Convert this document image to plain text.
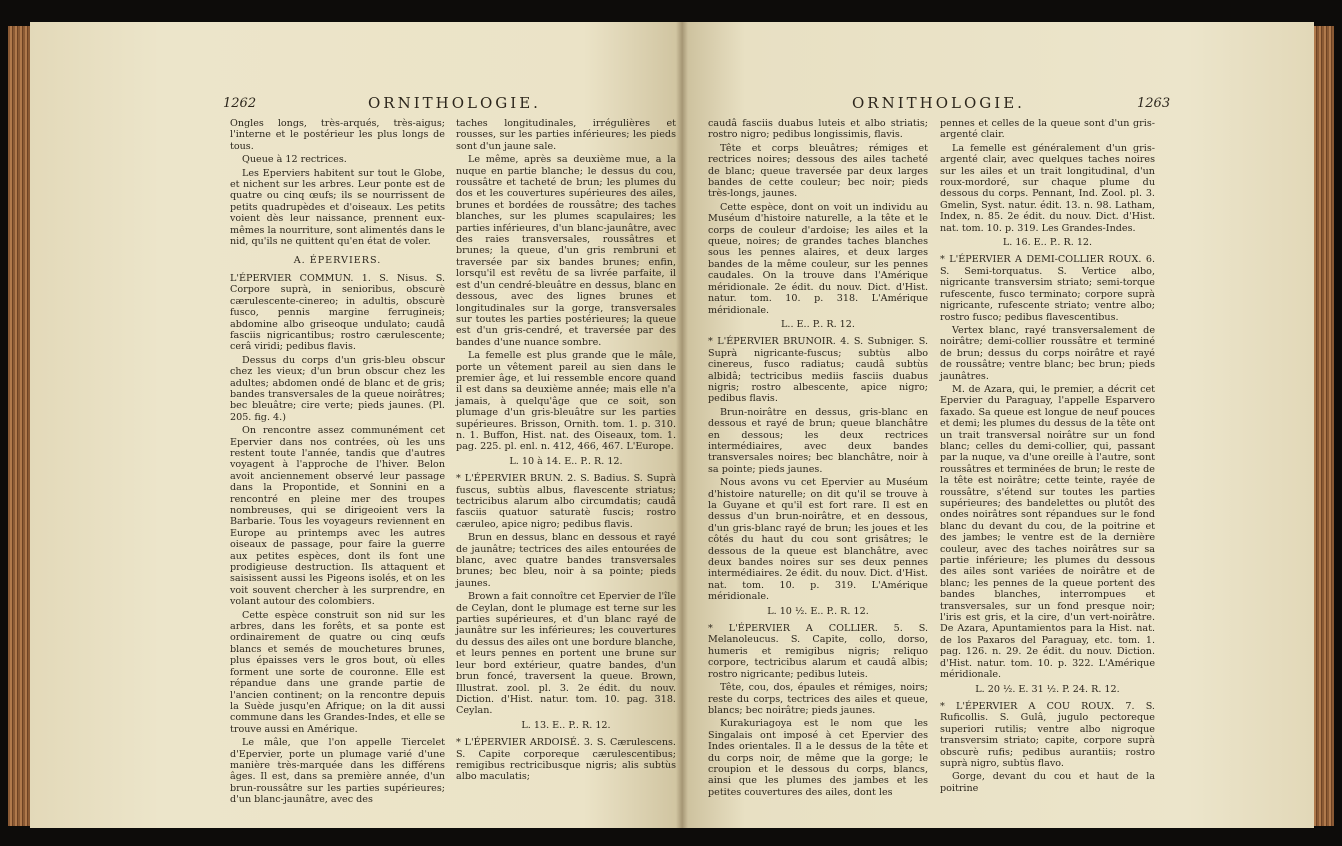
1262	ORNITHOLOGIE.

Ongles longs, très-arqués, très-aigus; l'interne et le postérieur les plus longs de tous.

Queue à 12 rectrices.

Les Eperviers habitent sur tout le Globe, et nichent sur les arbres. Leur ponte est de quatre ou cinq œufs; ils se nourrissent de petits quadrupèdes et d'oiseaux. Les petits voient dès leur naissance, prennent eux-mêmes la nourriture, sont alimentés dans le nid, qu'ils ne quittent qu'en état de voler.

A. ÉPERVIERS.

L'ÉPERVIER COMMUN. 1. S. Nisus. S. Corpore suprà, in senioribus, obscurè cærulescente-cinereo; in adultis, obscurè fusco, pennis margine ferrugineis; abdomine albo griseoque undulato; caudâ fasciis nigricantibus; rostro cærulescente; cerâ viridi; pedibus flavis.

Dessus du corps d'un gris-bleu obscur chez les vieux; d'un brun obscur chez les adultes; abdomen ondé de blanc et de gris; bandes transversales de la queue noirâtres; bec bleuâtre; cire verte; pieds jaunes. (Pl. 205. fig. 4.)

On rencontre assez communément cet Epervier dans nos contrées, où les uns restent toute l'année, tandis que d'autres voyagent à l'approche de l'hiver. Belon avoit anciennement observé leur passage dans la Propontide, et Sonnini en a rencontré en pleine mer des troupes nombreuses, qui se dirigeoient vers la Barbarie. Tous les voyageurs reviennent en Europe au printemps avec les autres oiseaux de passage, pour faire la guerre aux petites espèces, dont ils font une prodigieuse destruction. Ils attaquent et saisissent aussi les Pigeons isolés, et on les voit souvent chercher à les surprendre, en volant autour des colombiers.

Cette espèce construit son nid sur les arbres, dans les forêts, et sa ponte est ordinairement de quatre ou cinq œufs blancs et semés de mouchetures brunes, plus épaisses vers le gros bout, où elles forment une sorte de couronne. Elle est répandue dans une grande partie de l'ancien continent; on la rencontre depuis la Suède jusqu'en Afrique; on la dit aussi commune dans les Grandes-Indes, et elle se trouve aussi en Amérique.

Le mâle, que l'on appelle Tiercelet d'Epervier, porte un plumage varié d'une manière très-marquée dans les différens âges. Il est, dans sa première année, d'un brun-roussâtre sur les parties supérieures; d'un blanc-jaunâtre, avec des

taches longitudinales, irrégulières et rousses, sur les parties inférieures; les pieds sont d'un jaune sale.

Le même, après sa deuxième mue, a la nuque en partie blanche; le dessus du cou, roussâtre et tacheté de brun; les plumes du dos et les couvertures supérieures des ailes, brunes et bordées de roussâtre; des taches blanches, sur les plumes scapulaires; les parties inférieures, d'un blanc-jaunâtre, avec des raies transversales, roussâtres et brunes; la queue, d'un gris rembruni et traversée par six bandes brunes; enfin, lorsqu'il est revêtu de sa livrée parfaite, il est d'un cendré-bleuâtre en dessus, blanc en dessous, avec des lignes brunes et longitudinales sur la gorge, transversales sur toutes les parties postérieures; la queue est d'un gris-cendré, et traversée par des bandes d'une nuance sombre.

La femelle est plus grande que le mâle, porte un vêtement pareil au sien dans le premier âge, et lui ressemble encore quand il est dans sa deuxième année; mais elle n'a jamais, à quelqu'âge que ce soit, son plumage d'un gris-bleuâtre sur les parties supérieures. Brisson, Ornith. tom. 1. p. 310. n. 1. Buffon, Hist. nat. des Oiseaux, tom. 1. pag. 225. pl. enl. n. 412, 466, 467. L'Europe.

L. 10 à 14. E.. P.. R. 12.

* L'ÉPERVIER BRUN. 2. S. Badius. S. Suprà fuscus, subtùs albus, flavescente striatus; tectricibus alarum albo circumdatis; caudâ fasciis quatuor saturatè fuscis; rostro cæruleo, apice nigro; pedibus flavis.

Brun en dessus, blanc en dessous et rayé de jaunâtre; tectrices des ailes entourées de blanc, avec quatre bandes transversales brunes; bec bleu, noir à sa pointe; pieds jaunes.

Brown a fait connoître cet Epervier de l'île de Ceylan, dont le plumage est terne sur les parties supérieures, et d'un blanc rayé de jaunâtre sur les inférieures; les couvertures du dessus des ailes ont une bordure blanche, et leurs pennes en portent une brune sur leur bord extérieur, quatre bandes, d'un brun foncé, traversent la queue. Brown, Illustrat. zool. pl. 3. 2e édit. du nouv. Diction. d'Hist. natur. tom. 10. pag. 318. Ceylan.

L. 13. E.. P.. R. 12.

* L'ÉPERVIER ARDOISÉ. 3. S. Cærulescens. S. Capite corporeque cærulescentibus; remigibus rectricibusque nigris; alis subtùs albo maculatis;

ORNITHOLOGIE.	1263

caudâ fasciis duabus luteis et albo striatis; rostro nigro; pedibus longissimis, flavis.

Tête et corps bleuâtres; rémiges et rectrices noires; dessous des ailes tacheté de blanc; queue traversée par deux larges bandes de cette couleur; bec noir; pieds très-longs, jaunes.

Cette espèce, dont on voit un individu au Muséum d'histoire naturelle, a la tête et le corps de couleur d'ardoise; les ailes et la queue, noires; de grandes taches blanches sous les pennes alaires, et deux larges bandes de la même couleur, sur les pennes caudales. On la trouve dans l'Amérique méridionale. 2e édit. du nouv. Dict. d'Hist. natur. tom. 10. p. 318. L'Amérique méridionale.

L.. E.. P.. R. 12.

* L'ÉPERVIER BRUNOIR. 4. S. Subniger. S. Suprà nigricante-fuscus; subtùs albo cinereus, fusco radiatus; caudâ subtùs albidâ; tectricibus mediis fasciis duabus nigris; rostro albescente, apice nigro; pedibus flavis.

Brun-noirâtre en dessus, gris-blanc en dessous et rayé de brun; queue blanchâtre en dessous; les deux rectrices intermédiaires, avec deux bandes transversales noires; bec blanchâtre, noir à sa pointe; pieds jaunes.

Nous avons vu cet Epervier au Muséum d'histoire naturelle; on dit qu'il se trouve à la Guyane et qu'il est fort rare. Il est en dessus d'un brun-noirâtre, et en dessous, d'un gris-blanc rayé de brun; les joues et les côtés du haut du cou sont grisâtres; le dessous de la queue est blanchâtre, avec deux bandes noires sur ses deux pennes intermédiaires. 2e édit. du nouv. Dict. d'Hist. nat. tom. 10. p. 319. L'Amérique méridionale.

L. 10 ½. E.. P.. R. 12.

* L'ÉPERVIER A COLLIER. 5. S. Melanoleucus. S. Capite, collo, dorso, humeris et remigibus nigris; reliquo corpore, tectricibus alarum et caudâ albis; rostro nigricante; pedibus luteis.

Tête, cou, dos, épaules et rémiges, noirs; reste du corps, tectrices des ailes et queue, blancs; bec noirâtre; pieds jaunes.

Kurakuriagoya est le nom que les Singalais ont imposé à cet Epervier des Indes orientales. Il a le dessus de la tête et du corps noir, de même que la gorge; le croupion et le dessous du corps, blancs, ainsi que les plumes des jambes et les petites couvertures des ailes, dont les

pennes et celles de la queue sont d'un gris-argenté clair.

La femelle est généralement d'un gris-argenté clair, avec quelques taches noires sur les ailes et un trait longitudinal, d'un roux-mordoré, sur chaque plume du dessous du corps. Pennant, Ind. Zool. pl. 3. Gmelin, Syst. natur. édit. 13. n. 98. Latham, Index, n. 85. 2e édit. du nouv. Dict. d'Hist. nat. tom. 10. p. 319. Les Grandes-Indes.

L. 16. E.. P.. R. 12.

* L'ÉPERVIER A DEMI-COLLIER ROUX. 6. S. Semi-torquatus. S. Vertice albo, nigricante transversim striato; semi-torque rufescente, fusco terminato; corpore suprà nigricante, rufescente striato; ventre albo; rostro fusco; pedibus flavescentibus.

Vertex blanc, rayé transversalement de noirâtre; demi-collier roussâtre et terminé de brun; dessus du corps noirâtre et rayé de roussâtre; ventre blanc; bec brun; pieds jaunâtres.

M. de Azara, qui, le premier, a décrit cet Epervier du Paraguay, l'appelle Esparvero faxado. Sa queue est longue de neuf pouces et demi; les plumes du dessus de la tête ont un trait transversal noirâtre sur un fond blanc; celles du demi-collier, qui, passant par la nuque, va d'une oreille à l'autre, sont roussâtres et terminées de brun; le reste de la tête est noirâtre; cette teinte, rayée de roussâtre, s'étend sur toutes les parties supérieures; des bandelettes ou plutôt des ondes noirâtres sont répandues sur le fond blanc du devant du cou, de la poitrine et des jambes; le ventre est de la dernière couleur, avec des taches noirâtres sur sa partie inférieure; les plumes du dessous des ailes sont variées de noirâtre et de blanc; les pennes de la queue portent des bandes blanches, interrompues et transversales, sur un fond presque noir; l'iris est gris, et la cire, d'un vert-noirâtre. De Azara, Apuntamientos para la Hist. nat. de los Paxaros del Paraguay, etc. tom. 1. pag. 126. n. 29. 2e édit. du nouv. Diction. d'Hist. natur. tom. 10. p. 322. L'Amérique méridionale.

L. 20 ½. E. 31 ½. P. 24. R. 12.

* L'ÉPERVIER A COU ROUX. 7. S. Ruficollis. S. Gulâ, jugulo pectoreque superiori rutilis; ventre albo nigroque transversim striato; capite, corpore suprà obscurè rufis; pedibus aurantiis; rostro suprà nigro, subtùs flavo.

Gorge, devant du cou et haut de la poitrine
